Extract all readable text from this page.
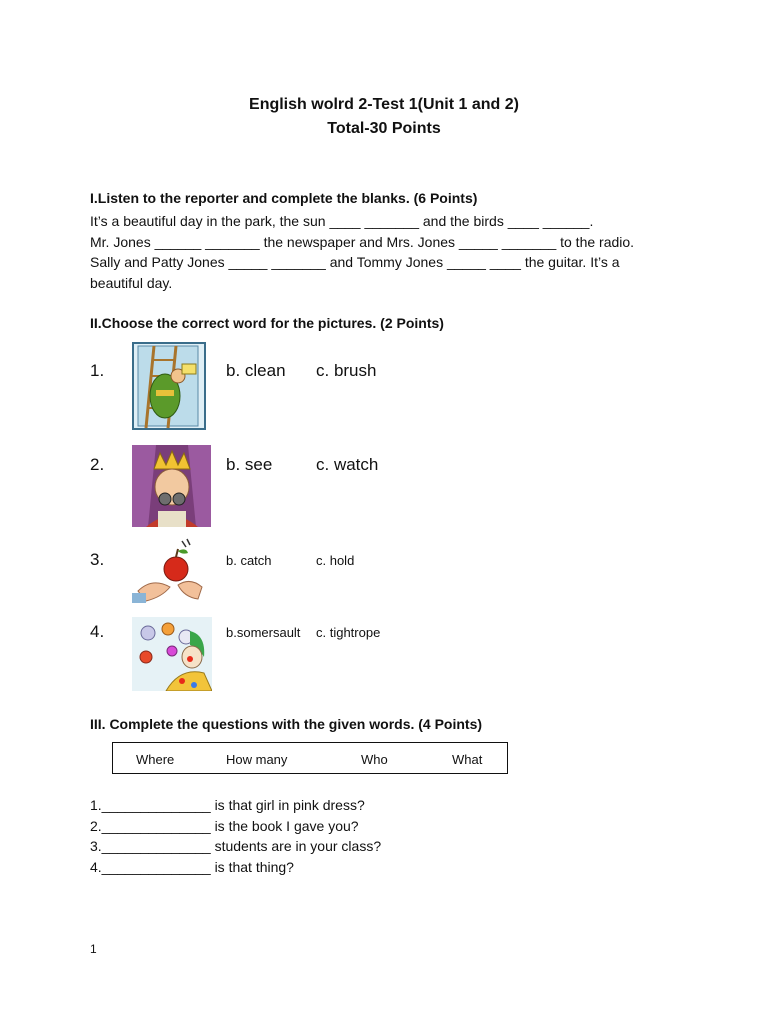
English wolrd 2-Test 1(Unit 1 and 2)
Total-30 Points
I.Listen to the reporter and complete the blanks. (6 Points)

It’s a beautiful day in the park, the sun ____ _______ and the birds ____ ______.

Mr. Jones ______ _______ the newspaper and Mrs. Jones _____ _______ to the radio.

Sally and Patty Jones _____ _______ and Tommy Jones _____ ____ the guitar. It’s a

beautiful day.

II.Choose the correct word for the pictures. (2 Points)
1.	b. clean c. brush
2.	b. see	c. watch
3.	b. catch	c. hold
4.	b.somersault c. tightrope
III. Complete the questions with the given words. (4 Points)
Where	How many	Who	What
1.______________ is that girl in pink dress?
2.______________ is the book I gave you?
3.______________ students are in your class?
4.______________ is that thing?
1
